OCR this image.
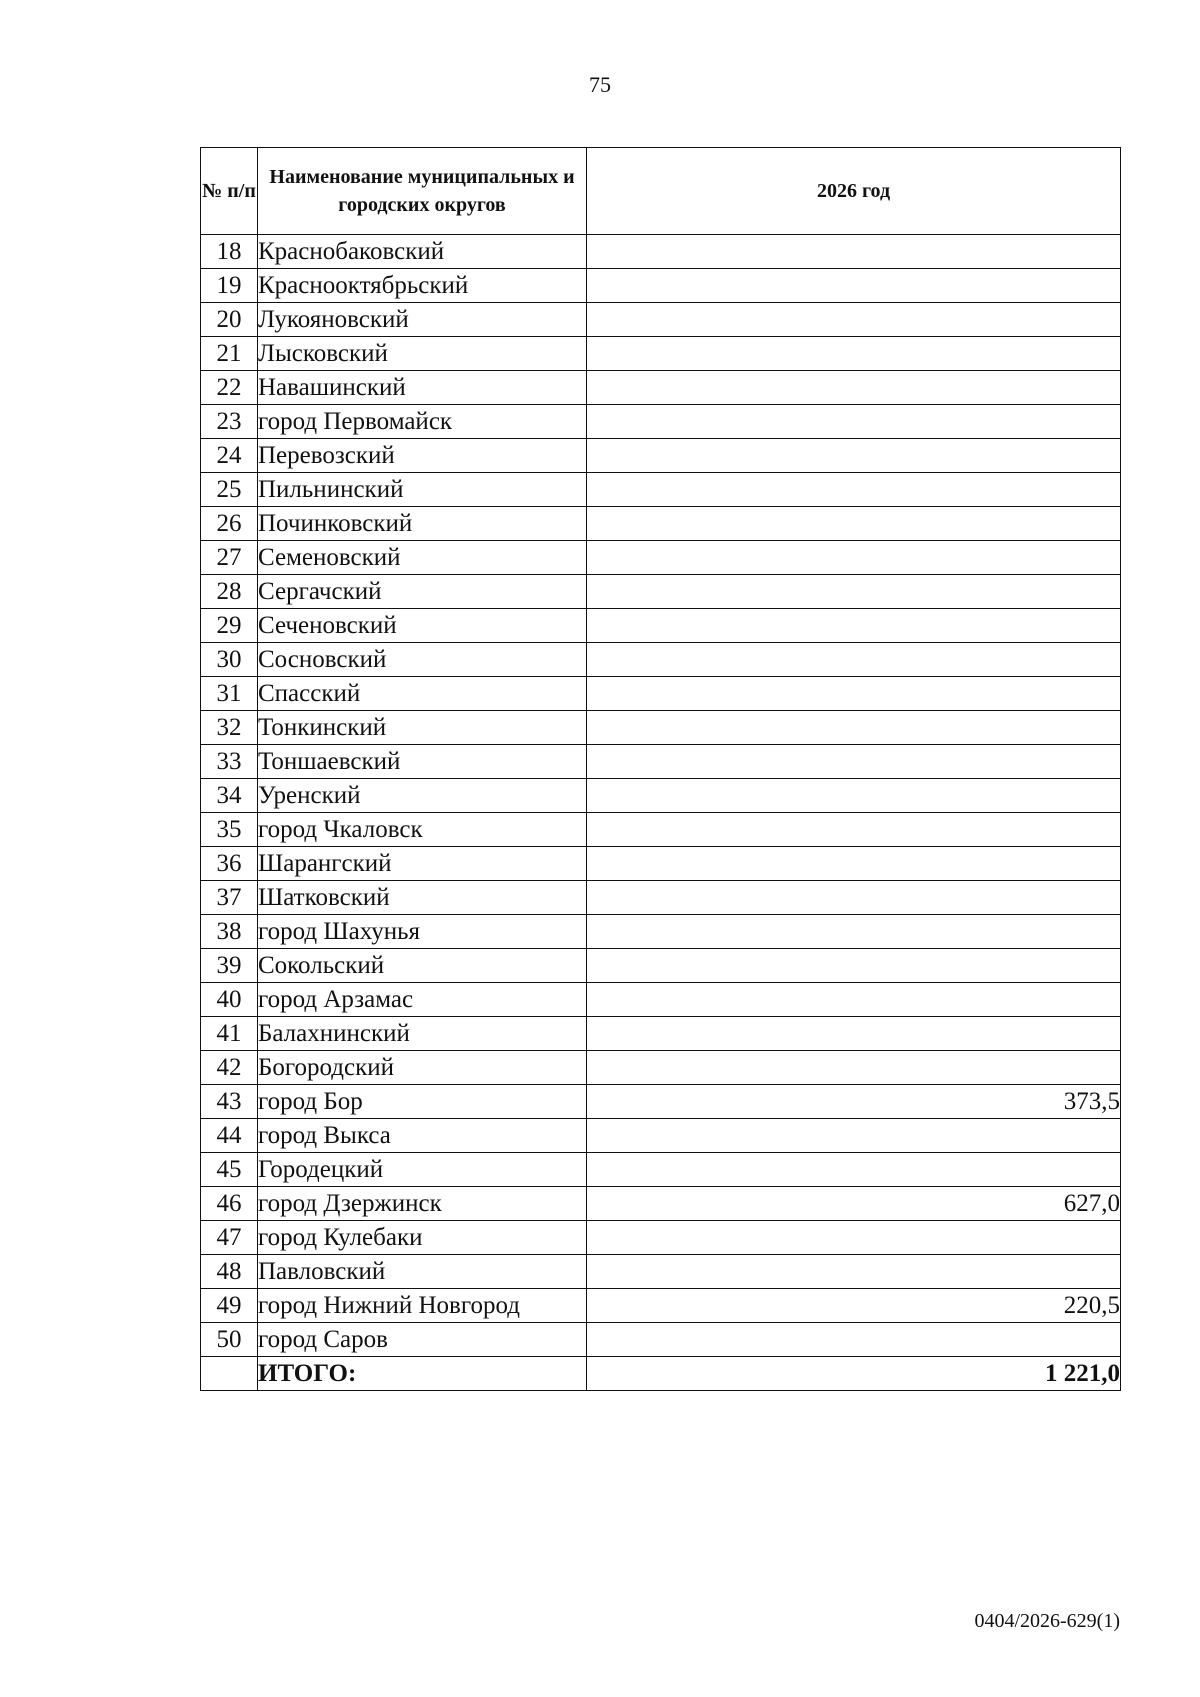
75
№ п/п	Наименование муниципальных и городских округов	2026 год
18	Краснобаковский	
19	Краснооктябрьский	
20	Лукояновский	
21	Лысковский	
22	Навашинский	
23	город Первомайск	
24	Перевозский	
25	Пильнинский	
26	Починковский	
27	Семеновский	
28	Сергачский	
29	Сеченовский	
30	Сосновский	
31	Спасский	
32	Тонкинский	
33	Тоншаевский	
34	Уренский	
35	город Чкаловск	
36	Шарангский	
37	Шатковский	
38	город Шахунья	
39	Сокольский	
40	город Арзамас	
41	Балахнинский	
42	Богородский	
43	город Бор	373,5
44	город Выкса	
45	Городецкий	
46	город Дзержинск	627,0
47	город Кулебаки	
48	Павловский	
49	город Нижний Новгород	220,5
50	город Саров	
	ИТОГО:	1 221,0
0404/2026-629(1)
